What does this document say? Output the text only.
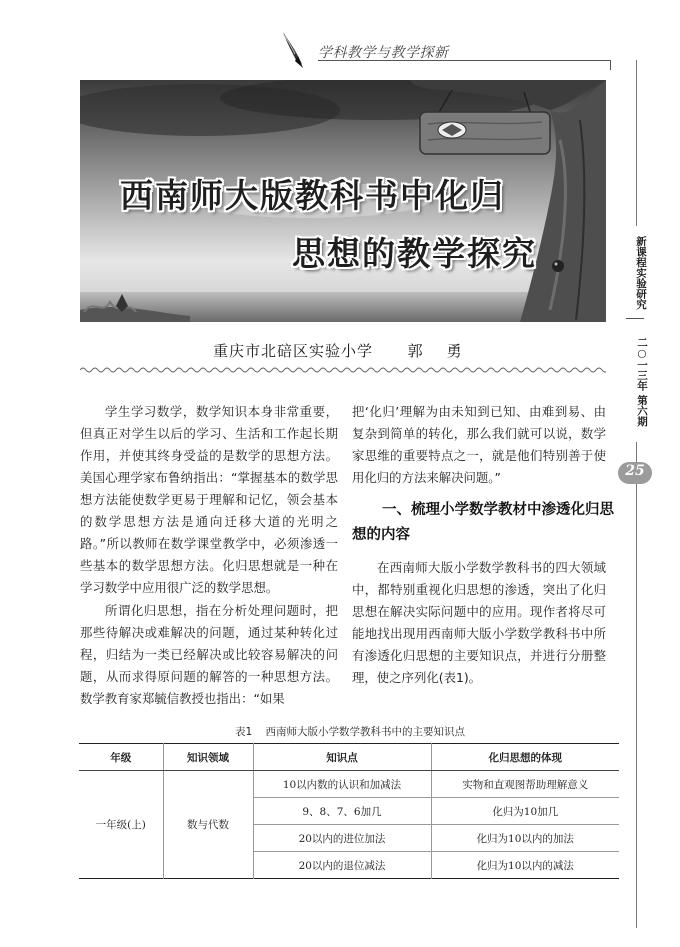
学科教学与教学探新
西南师大版教科书中化归
思想的教学探究	新课程实验研究
二○一三年 第六期
25
重庆市北碚区实验小学      郭    勇

学生学习数学，数学知识本身非常重要，但真正对学生以后的学习、生活和工作起长期作用，并使其终身受益的是数学的思想方法。美国心理学家布鲁纳指出：“掌握基本的数学思想方法能使数学更易于理解和记忆，领会基本的数学思想方法是通向迁移大道的光明之路。”所以教师在数学课堂教学中，必须渗透一些基本的数学思想方法。化归思想就是一种在学习数学中应用很广泛的数学思想。

所谓化归思想，指在分析处理问题时，把那些待解决或难解决的问题，通过某种转化过程，归结为一类已经解决或比较容易解决的问题，从而求得原问题的解答的一种思想方法。数学教育家郑毓信教授也指出：“如果

把‘化归’理解为由未知到已知、由难到易、由复杂到简单的转化，那么我们就可以说，数学家思维的重要特点之一，就是他们特别善于使用化归的方法来解决问题。”

一、梳理小学数学教材中渗透化归思想的内容

在西南师大版小学数学教科书的四大领域中，都特别重视化归思想的渗透，突出了化归思想在解决实际问题中的应用。现作者将尽可能地找出现用西南师大版小学数学教科书中所有渗透化归思想的主要知识点，并进行分册整理，使之序列化(表1)。

表1    西南师大版小学数学教科书中的主要知识点
年级	知识领域	知识点	化归思想的体现
一年级(上)	数与代数	10以内数的认识和加减法	实物和直观图帮助理解意义
		9、8、7、6加几	化归为10加几
		20以内的进位加法	化归为10以内的加法
		20以内的退位减法	化归为10以内的减法
